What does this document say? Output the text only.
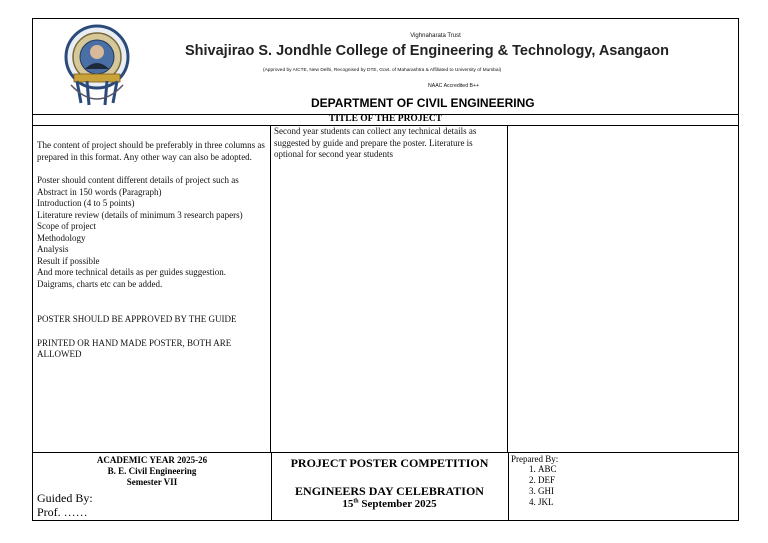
Vighnaharata Trust
Shivajirao S. Jondhle College of Engineering & Technology, Asangaon
(Approved by AICTE, New Delhi, Recognised by DTE, Govt. of Maharashtra & Affiliated to University of Mumbai)
NAAC Accredited B++
DEPARTMENT OF CIVIL ENGINEERING
TITLE OF THE PROJECT

The content of project should be preferably in three columns as prepared in this format. Any other way can also be adopted.

Poster should content different details of project such as
Abstract in 150 words (Paragraph)
Introduction (4 to 5 points)
Literature review (details of minimum 3 research papers)
Scope of project
Methodology
Analysis
Result if possible
And more technical details as per guides suggestion.
Daigrams, charts etc can be added.

POSTER SHOULD BE APPROVED BY THE GUIDE

PRINTED OR HAND MADE POSTER, BOTH ARE ALLOWED

Second year students can collect any technical details as suggested by guide and prepare the poster. Literature is optional for second year students
ACADEMIC YEAR 2025-26
B. E. Civil Engineering
Semester VII
Guided By:
Prof. ……
PROJECT POSTER COMPETITION
ENGINEERS DAY CELEBRATION
15th September 2025
Prepared By:
1. ABC
2. DEF
3. GHI
4. JKL
